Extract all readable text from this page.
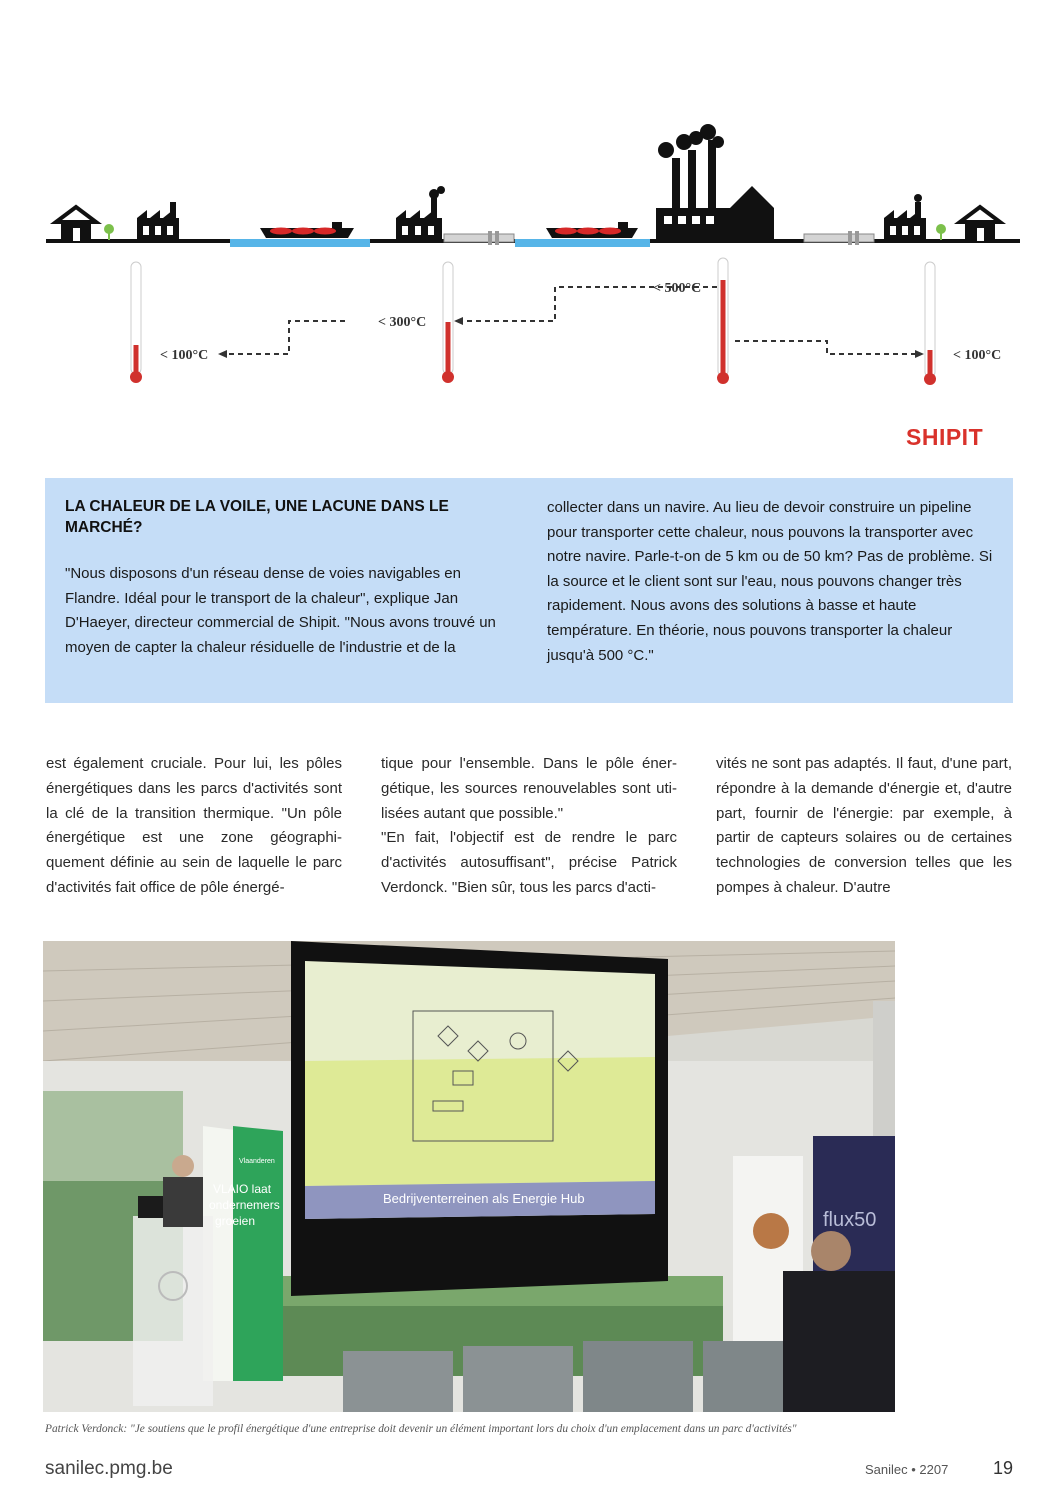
< 100°C
< 300°C
< 500°C
< 100°C
SHIPIT
LA CHALEUR DE LA VOILE, UNE LACUNE DANS LE MARCHÉ?

"Nous disposons d'un réseau dense de voies navigables en Flandre. Idéal pour le transport de la chaleur", explique Jan D'Haeyer, directeur commercial de Shipit. "Nous avons trouvé un moyen de capter la chaleur résiduelle de l'industrie et de la

collecter dans un navire. Au lieu de devoir construire un pipeline pour transporter cette chaleur, nous pouvons la transporter avec notre navire. Parle-t-on de 5 km ou de 50 km? Pas de problème. Si la source et le client sont sur l'eau, nous pouvons changer très rapidement. Nous avons des solutions à basse et haute température. En théorie, nous pouvons transporter la chaleur jusqu'à 500 °C."

est également cruciale. Pour lui, les pôles énergétiques dans les parcs d'activités sont la clé de la transition thermique. "Un pôle énergétique est une zone géographiquement définie au sein de laquelle le parc d'activités fait office de pôle énergé-

tique pour l'ensemble. Dans le pôle énergétique, les sources renouvelables sont utilisées autant que possible."

"En fait, l'objectif est de rendre le parc d'activités autosuffisant", précise Patrick Verdonck. "Bien sûr, tous les parcs d'acti-

vités ne sont pas adaptés. Il faut, d'une part, répondre à la demande d'énergie et, d'autre part, fournir de l'énergie: par exemple, à partir de capteurs solaires ou de certaines technologies de conversion telles que les pompes à chaleur. D'autre

Bedrijventerreinen als Energie Hub
Vlaanderen
VLAIO laat
ondernemers
groeien	flux50
Patrick Verdonck: "Je soutiens que le profil énergétique d'une entreprise doit devenir un élément important lors du choix d'un emplacement dans un parc d'activités"
sanilec.pmg.be	Sanilec • 2207 19
